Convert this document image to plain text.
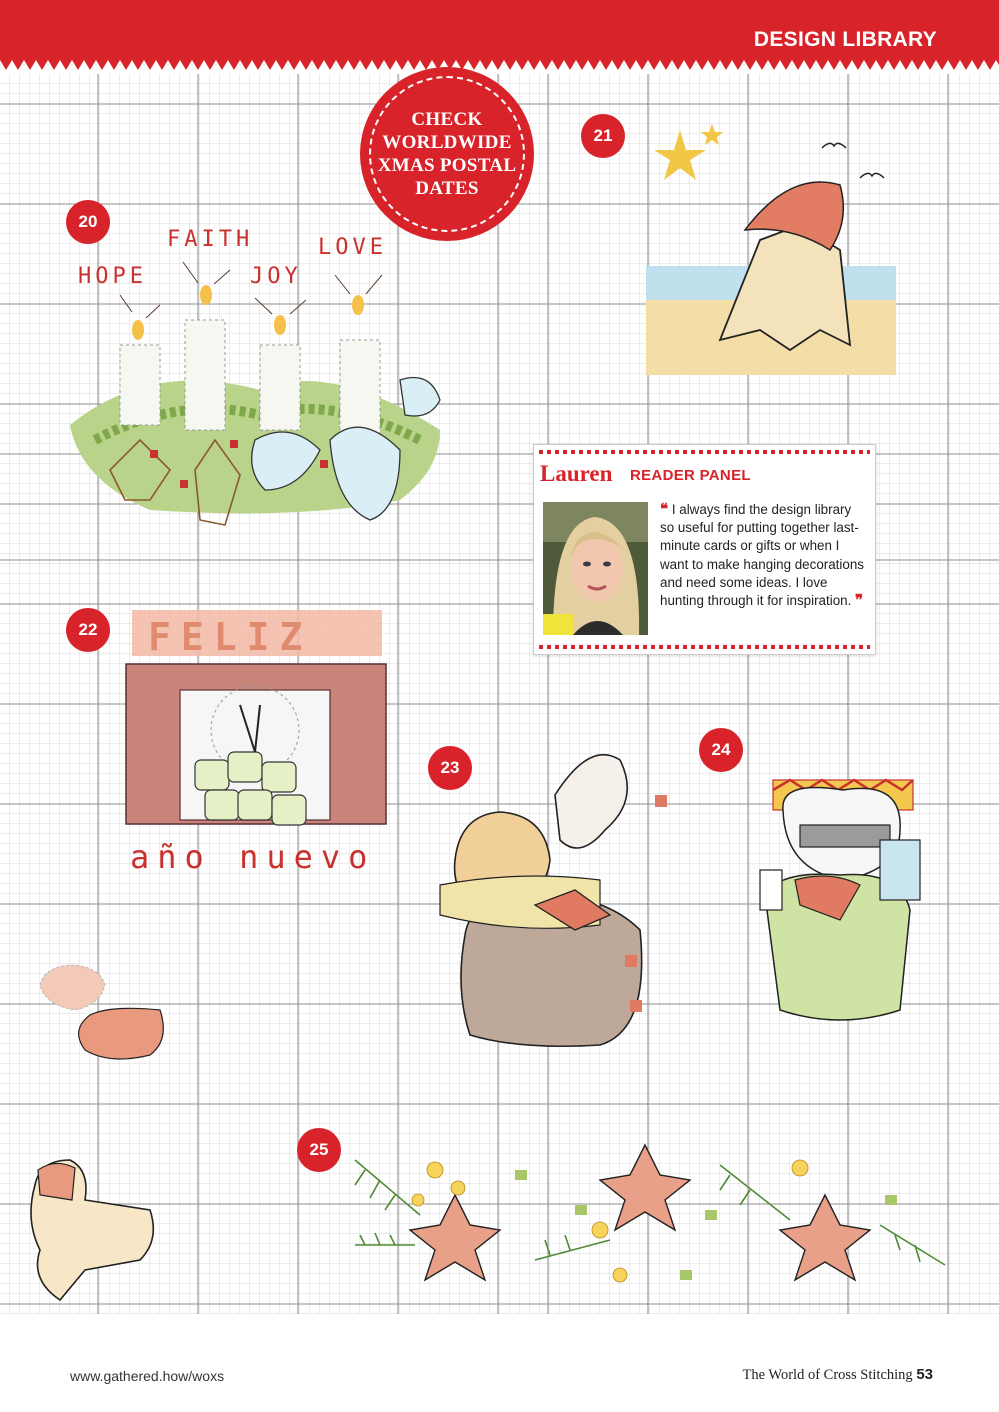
DESIGN LIBRARY
HOPE
FAITH
JOY
LOVE
FELIZ
año nuevo
20
21
22
23
24
25
CHECK
WORLDWIDE
XMAS POSTAL
DATES
Lauren READER PANEL
❝ I always find the design library so useful for putting together last-minute cards or gifts or when I want to make hanging decorations and need some ideas. I love hunting through it for inspiration. ❞
www.gathered.how/woxs	The World of Cross Stitching 53
